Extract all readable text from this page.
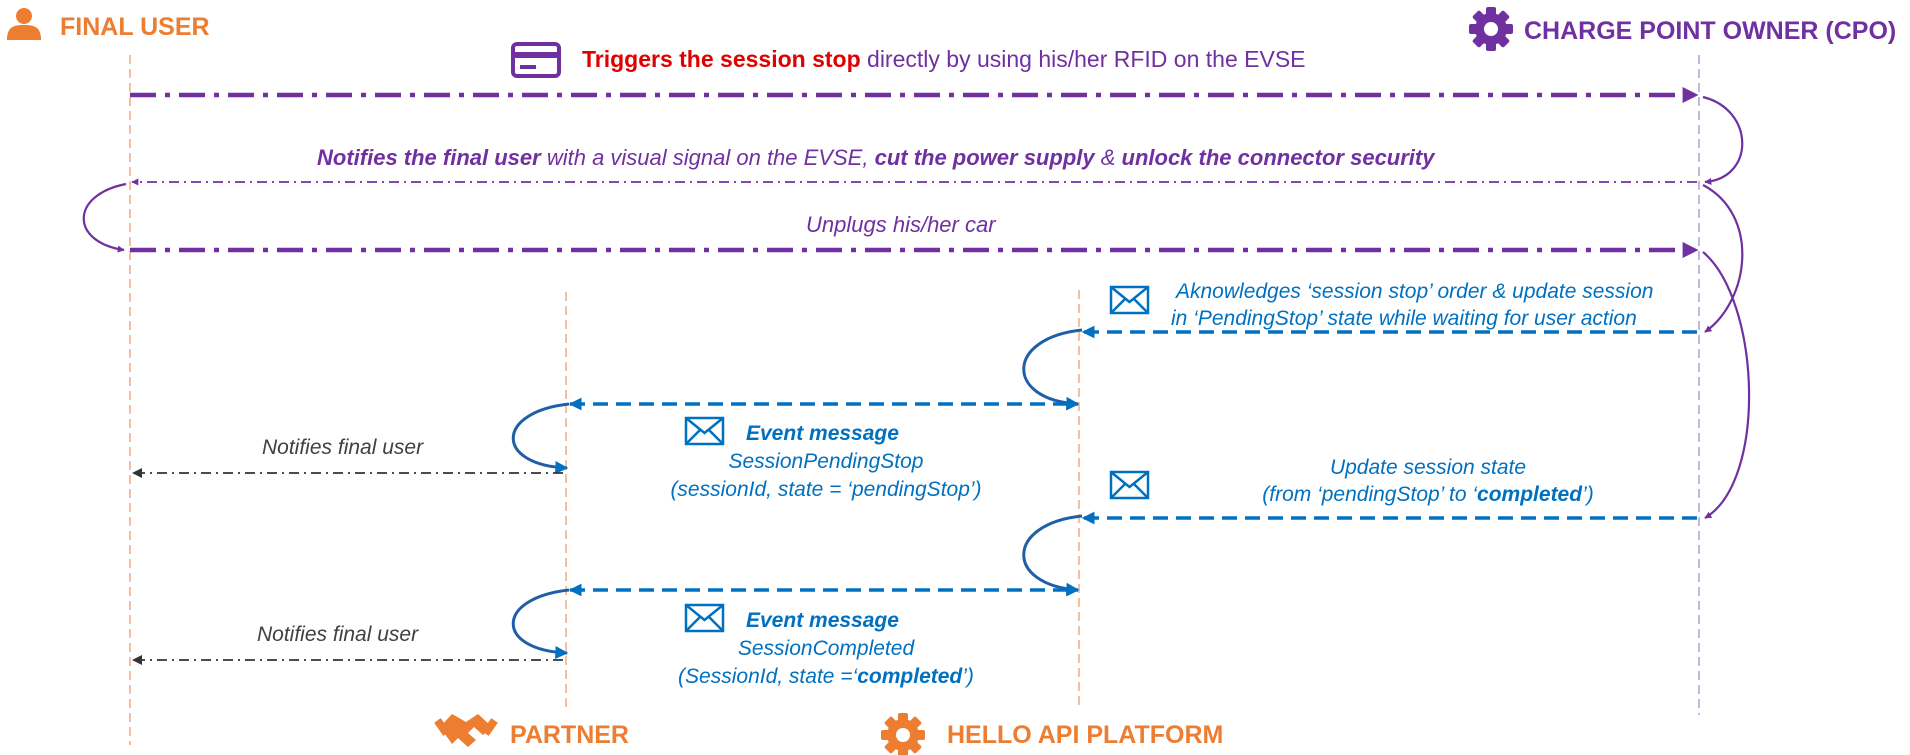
FINAL USER	CHARGE POINT OWNER (CPO)
PARTNER	HELLO API PLATFORM
Triggers the session stop directly by using his/her RFID on the EVSE
Notifies the final user with a visual signal on the EVSE, cut the power supply & unlock the connector security
Unplugs his/her car
Aknowledges ‘session stop’ order & update session
in ‘PendingStop’ state while waiting for user action
Event message
SessionPendingStop
(sessionId, state = ‘pendingStop’)
Notifies final user
Update session state
(from ‘pendingStop’ to ‘completed’)
Event message
SessionCompleted
(SessionId, state =‘completed’)
Notifies final user
